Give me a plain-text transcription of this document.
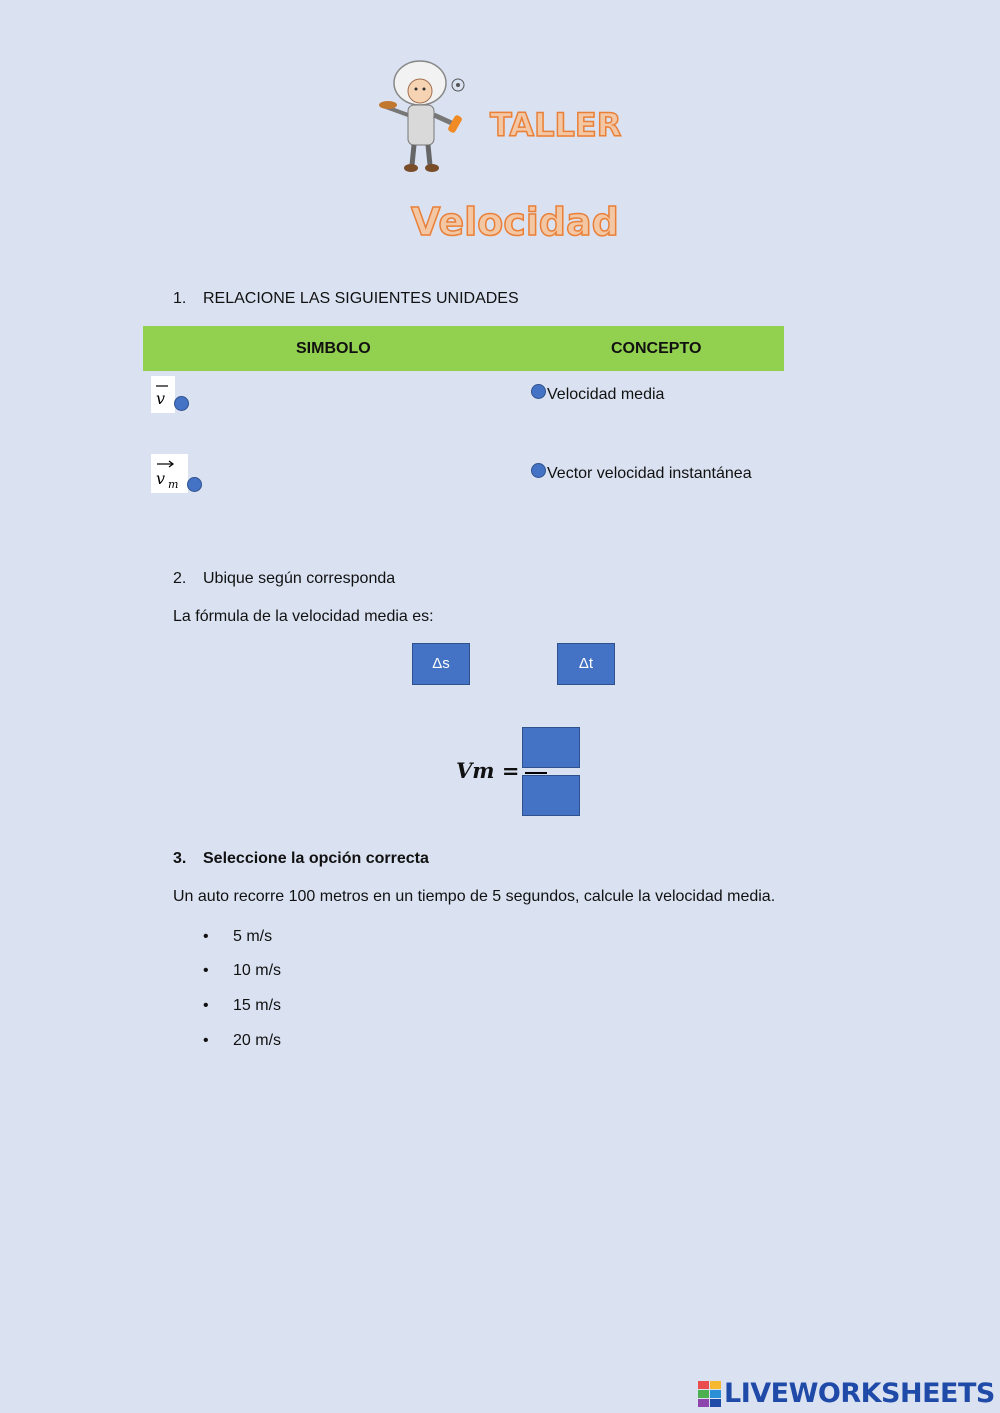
TALLER
Velocidad
1. RELACIONE LAS SIGUIENTES UNIDADES
SIMBOLO	CONCEPTO
v
v m
Velocidad media
Vector velocidad instantánea
2. Ubique según corresponda
La fórmula de la velocidad media es:
Δs	Δt
Vm =
3. Seleccione la opción correcta
Un auto recorre 100 metros en un tiempo de 5 segundos, calcule la velocidad media.
• 5 m/s
• 10 m/s
• 15 m/s
• 20 m/s
LIVEWORKSHEETS
